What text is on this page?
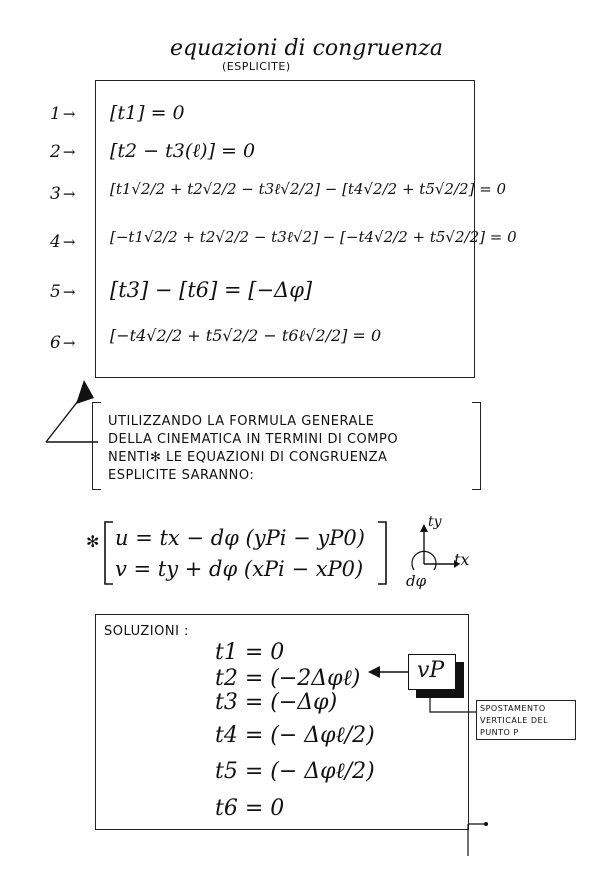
equazioni di congruenza
(ESPLICITE)
1 → [t1] = 0
2 → [t2 − t3(ℓ)] = 0
3 → [t1√2/2 + t2√2/2 − t3ℓ√2/2] − [t4√2/2 + t5√2/2] = 0
4 → [−t1√2/2 + t2√2/2 − t3ℓ√2] − [−t4√2/2 + t5√2/2] = 0
5 → [t3] − [t6] = [−Δφ]
6 → [−t4√2/2 + t5√2/2 − t6ℓ√2/2] = 0
UTILIZZANDO LA FORMULA GENERALE
DELLA CINEMATICA IN TERMINI DI COMPO
NENTI✻ LE EQUAZIONI DI CONGRUENZA
ESPLICITE SARANNO:
✻ u = tx − dφ (yPi − yP0)
v = ty + dφ (xPi − xP0)
ty
tx
dφ
SOLUZIONI :
t1 = 0
t2 = (−2Δφℓ)
t3 = (−Δφ)
t4 = (− Δφℓ/2)
t5 = (− Δφℓ/2)
t6 = 0
vP
SPOSTAMENTO
VERTICALE DEL
PUNTO P
